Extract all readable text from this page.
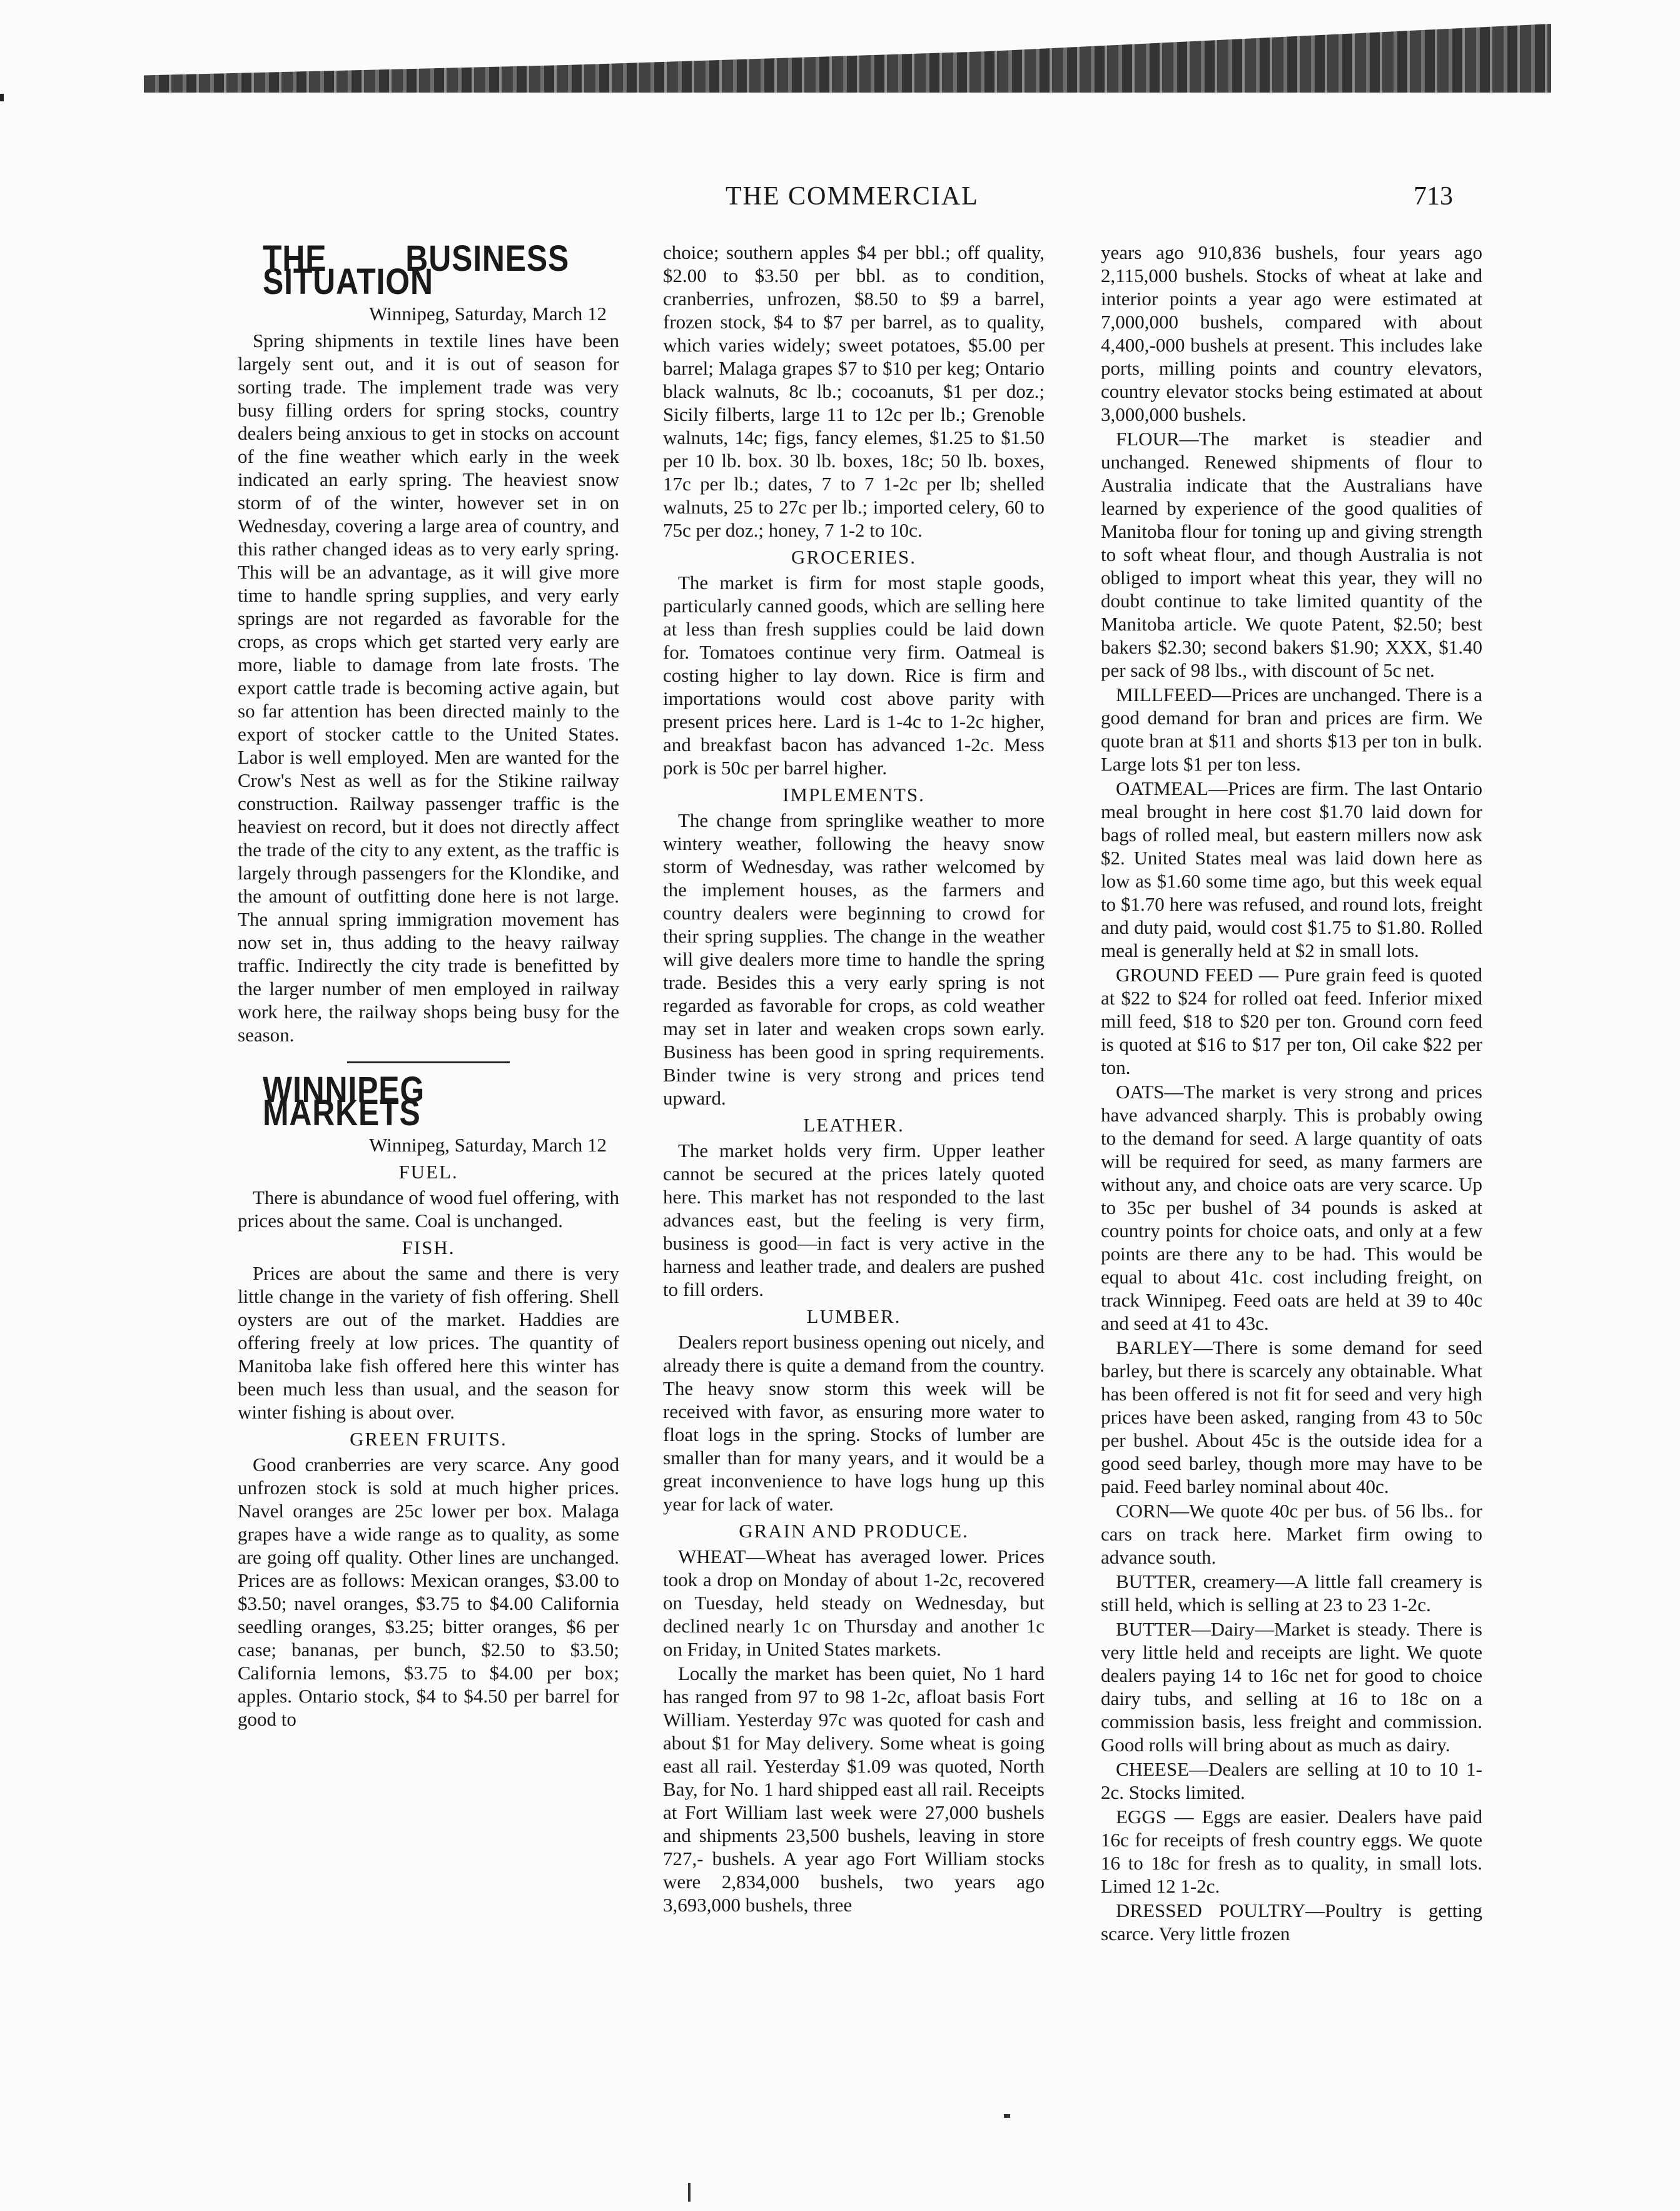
THE COMMERCIAL	713
THE BUSINESS SITUATION
Winnipeg, Saturday, March 12

Spring shipments in textile lines have been largely sent out, and it is out of season for sorting trade. The implement trade was very busy filling orders for spring stocks, country dealers being anxious to get in stocks on account of the fine weather which early in the week indicated an early spring. The heaviest snow storm of of the winter, however set in on Wednesday, covering a large area of country, and this rather changed ideas as to very early spring. This will be an advantage, as it will give more time to handle spring supplies, and very early springs are not regarded as favorable for the crops, as crops which get started very early are more, liable to damage from late frosts. The export cattle trade is becoming active again, but so far attention has been directed mainly to the export of stocker cattle to the United States. Labor is well employed. Men are wanted for the Crow's Nest as well as for the Stikine railway construction. Railway passenger traffic is the heaviest on record, but it does not directly affect the trade of the city to any extent, as the traffic is largely through passengers for the Klondike, and the amount of outfitting done here is not large. The annual spring immigration movement has now set in, thus adding to the heavy railway traffic. Indirectly the city trade is benefitted by the larger number of men employed in railway work here, the railway shops being busy for the season.

WINNIPEG MARKETS
Winnipeg, Saturday, March 12
FUEL.

There is abundance of wood fuel offering, with prices about the same. Coal is unchanged.

FISH.

Prices are about the same and there is very little change in the variety of fish offering. Shell oysters are out of the market. Haddies are offering freely at low prices. The quantity of Manitoba lake fish offered here this winter has been much less than usual, and the season for winter fishing is about over.

GREEN FRUITS.

Good cranberries are very scarce. Any good unfrozen stock is sold at much higher prices. Navel oranges are 25c lower per box. Malaga grapes have a wide range as to quality, as some are going off quality. Other lines are unchanged. Prices are as follows: Mexican oranges, $3.00 to $3.50; navel oranges, $3.75 to $4.00 California seedling oranges, $3.25; bitter oranges, $6 per case; bananas, per bunch, $2.50 to $3.50; California lemons, $3.75 to $4.00 per box; apples. Ontario stock, $4 to $4.50 per barrel for good to

choice; southern apples $4 per bbl.; off quality, $2.00 to $3.50 per bbl. as to condition, cranberries, unfrozen, $8.50 to $9 a barrel, frozen stock, $4 to $7 per barrel, as to quality, which varies widely; sweet potatoes, $5.00 per barrel; Malaga grapes $7 to $10 per keg; Ontario black walnuts, 8c lb.; cocoanuts, $1 per doz.; Sicily filberts, large 11 to 12c per lb.; Grenoble walnuts, 14c; figs, fancy elemes, $1.25 to $1.50 per 10 lb. box. 30 lb. boxes, 18c; 50 lb. boxes, 17c per lb.; dates, 7 to 7 1-2c per lb; shelled walnuts, 25 to 27c per lb.; imported celery, 60 to 75c per doz.; honey, 7 1-2 to 10c.

GROCERIES.

The market is firm for most staple goods, particularly canned goods, which are selling here at less than fresh supplies could be laid down for. Tomatoes continue very firm. Oatmeal is costing higher to lay down. Rice is firm and importations would cost above parity with present prices here. Lard is 1-4c to 1-2c higher, and breakfast bacon has advanced 1-2c. Mess pork is 50c per barrel higher.

IMPLEMENTS.

The change from springlike weather to more wintery weather, following the heavy snow storm of Wednesday, was rather welcomed by the implement houses, as the farmers and country dealers were beginning to crowd for their spring supplies. The change in the weather will give dealers more time to handle the spring trade. Besides this a very early spring is not regarded as favorable for crops, as cold weather may set in later and weaken crops sown early. Business has been good in spring requirements. Binder twine is very strong and prices tend upward.

LEATHER.

The market holds very firm. Upper leather cannot be secured at the prices lately quoted here. This market has not responded to the last advances east, but the feeling is very firm, business is good—in fact is very active in the harness and leather trade, and dealers are pushed to fill orders.

LUMBER.

Dealers report business opening out nicely, and already there is quite a demand from the country. The heavy snow storm this week will be received with favor, as ensuring more water to float logs in the spring. Stocks of lumber are smaller than for many years, and it would be a great inconvenience to have logs hung up this year for lack of water.

GRAIN AND PRODUCE.

WHEAT—Wheat has averaged lower. Prices took a drop on Monday of about 1-2c, recovered on Tuesday, held steady on Wednesday, but declined nearly 1c on Thursday and another 1c on Friday, in United States markets.

Locally the market has been quiet, No 1 hard has ranged from 97 to 98 1-2c, afloat basis Fort William. Yesterday 97c was quoted for cash and about $1 for May delivery. Some wheat is going east all rail. Yesterday $1.09 was quoted, North Bay, for No. 1 hard shipped east all rail. Receipts at Fort William last week were 27,000 bushels and shipments 23,500 bushels, leaving in store 727,- bushels. A year ago Fort William stocks were 2,834,000 bushels, two years ago 3,693,000 bushels, three

years ago 910,836 bushels, four years ago 2,115,000 bushels. Stocks of wheat at lake and interior points a year ago were estimated at 7,000,000 bushels, compared with about 4,400,-000 bushels at present. This includes lake ports, milling points and country elevators, country elevator stocks being estimated at about 3,000,000 bushels.

FLOUR—The market is steadier and unchanged. Renewed shipments of flour to Australia indicate that the Australians have learned by experience of the good qualities of Manitoba flour for toning up and giving strength to soft wheat flour, and though Australia is not obliged to import wheat this year, they will no doubt continue to take limited quantity of the Manitoba article. We quote Patent, $2.50; best bakers $2.30; second bakers $1.90; XXX, $1.40 per sack of 98 lbs., with discount of 5c net.

MILLFEED—Prices are unchanged. There is a good demand for bran and prices are firm. We quote bran at $11 and shorts $13 per ton in bulk. Large lots $1 per ton less.

OATMEAL—Prices are firm. The last Ontario meal brought in here cost $1.70 laid down for bags of rolled meal, but eastern millers now ask $2. United States meal was laid down here as low as $1.60 some time ago, but this week equal to $1.70 here was refused, and round lots, freight and duty paid, would cost $1.75 to $1.80. Rolled meal is generally held at $2 in small lots.

GROUND FEED — Pure grain feed is quoted at $22 to $24 for rolled oat feed. Inferior mixed mill feed, $18 to $20 per ton. Ground corn feed is quoted at $16 to $17 per ton, Oil cake $22 per ton.

OATS—The market is very strong and prices have advanced sharply. This is probably owing to the demand for seed. A large quantity of oats will be required for seed, as many farmers are without any, and choice oats are very scarce. Up to 35c per bushel of 34 pounds is asked at country points for choice oats, and only at a few points are there any to be had. This would be equal to about 41c. cost including freight, on track Winnipeg. Feed oats are held at 39 to 40c and seed at 41 to 43c.

BARLEY—There is some demand for seed barley, but there is scarcely any obtainable. What has been offered is not fit for seed and very high prices have been asked, ranging from 43 to 50c per bushel. About 45c is the outside idea for a good seed barley, though more may have to be paid. Feed barley nominal about 40c.

CORN—We quote 40c per bus. of 56 lbs.. for cars on track here. Market firm owing to advance south.

BUTTER, creamery—A little fall creamery is still held, which is selling at 23 to 23 1-2c.

BUTTER—Dairy—Market is steady. There is very little held and receipts are light. We quote dealers paying 14 to 16c net for good to choice dairy tubs, and selling at 16 to 18c on a commission basis, less freight and commission. Good rolls will bring about as much as dairy.

CHEESE—Dealers are selling at 10 to 10 1-2c. Stocks limited.

EGGS — Eggs are easier. Dealers have paid 16c for receipts of fresh country eggs. We quote 16 to 18c for fresh as to quality, in small lots. Limed 12 1-2c.

DRESSED POULTRY—Poultry is getting scarce. Very little frozen
